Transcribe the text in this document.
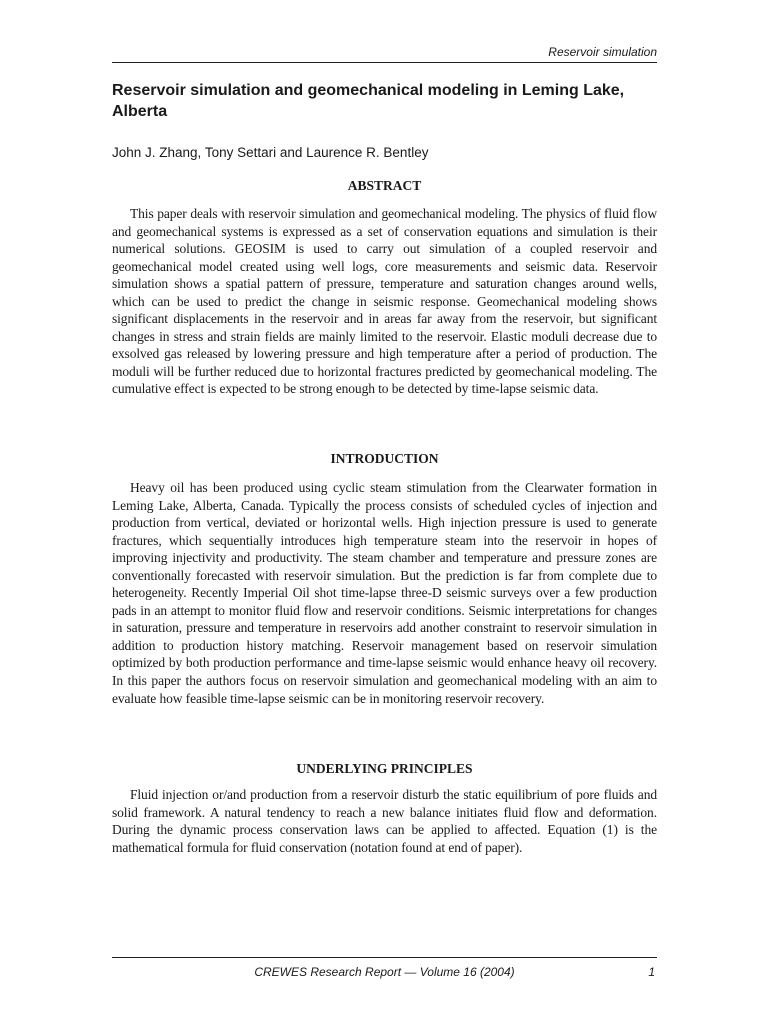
Reservoir simulation
Reservoir simulation and geomechanical modeling in Leming Lake, Alberta
John J. Zhang, Tony Settari and Laurence R. Bentley
ABSTRACT

This paper deals with reservoir simulation and geomechanical modeling. The physics of fluid flow and geomechanical systems is expressed as a set of conservation equations and simulation is their numerical solutions. GEOSIM is used to carry out simulation of a coupled reservoir and geomechanical model created using well logs, core measurements and seismic data. Reservoir simulation shows a spatial pattern of pressure, temperature and saturation changes around wells, which can be used to predict the change in seismic response. Geomechanical modeling shows significant displacements in the reservoir and in areas far away from the reservoir, but significant changes in stress and strain fields are mainly limited to the reservoir. Elastic moduli decrease due to exsolved gas released by lowering pressure and high temperature after a period of production. The moduli will be further reduced due to horizontal fractures predicted by geomechanical modeling. The cumulative effect is expected to be strong enough to be detected by time-lapse seismic data.

INTRODUCTION

Heavy oil has been produced using cyclic steam stimulation from the Clearwater formation in Leming Lake, Alberta, Canada. Typically the process consists of scheduled cycles of injection and production from vertical, deviated or horizontal wells. High injection pressure is used to generate fractures, which sequentially introduces high temperature steam into the reservoir in hopes of improving injectivity and productivity. The steam chamber and temperature and pressure zones are conventionally forecasted with reservoir simulation. But the prediction is far from complete due to heterogeneity. Recently Imperial Oil shot time-lapse three-D seismic surveys over a few production pads in an attempt to monitor fluid flow and reservoir conditions. Seismic interpretations for changes in saturation, pressure and temperature in reservoirs add another constraint to reservoir simulation in addition to production history matching. Reservoir management based on reservoir simulation optimized by both production performance and time-lapse seismic would enhance heavy oil recovery. In this paper the authors focus on reservoir simulation and geomechanical modeling with an aim to evaluate how feasible time-lapse seismic can be in monitoring reservoir recovery.

UNDERLYING PRINCIPLES

Fluid injection or/and production from a reservoir disturb the static equilibrium of pore fluids and solid framework. A natural tendency to reach a new balance initiates fluid flow and deformation. During the dynamic process conservation laws can be applied to affected. Equation (1) is the mathematical formula for fluid conservation (notation found at end of paper).

CREWES Research Report — Volume 16 (2004)	1
